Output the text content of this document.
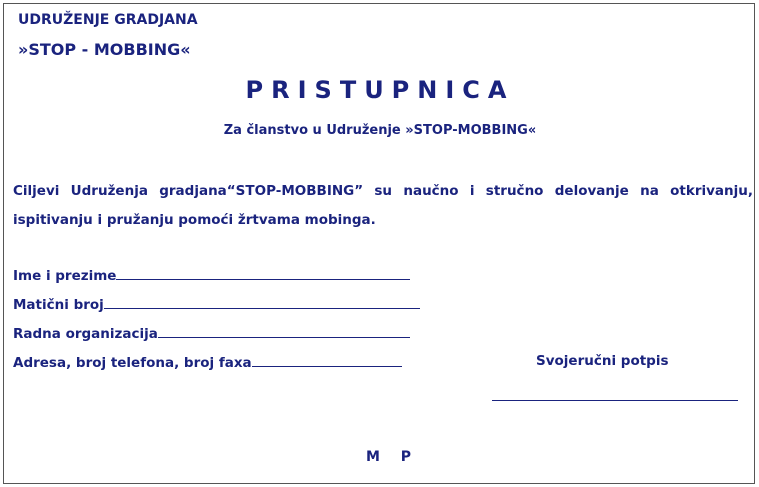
UDRUŽENJE GRADJANA
»STOP - MOBBING«
PRISTUPNICA
Za članstvo u Udruženje »STOP-MOBBING«
Ciljevi Udruženja gradjana“STOP-MOBBING” su naučno i stručno delovanje na otkrivanju, ispitivanju i pružanju pomoći žrtvama mobinga.
Ime i prezime
Matični broj
Radna organizacija
Adresa, broj telefona, broj faxa	Svojeručni potpis
M P
